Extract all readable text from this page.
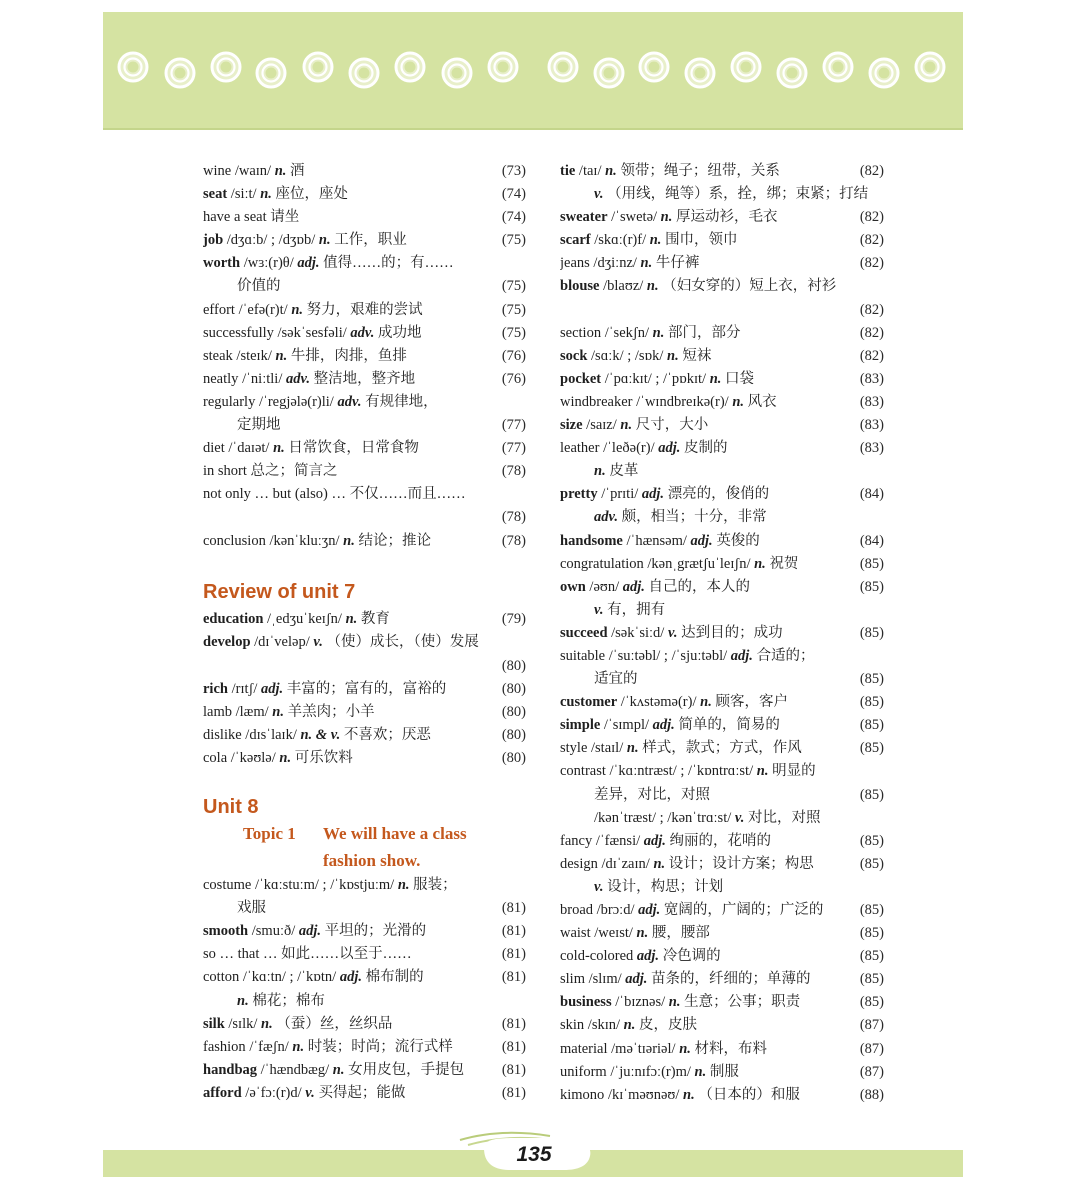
wine /waɪn/ n. 酒	(73)
seat /siːt/ n. 座位，座处	(74)
have a seat 请坐	(74)
job /dʒɑːb/ ; /dʒɒb/ n. 工作，职业	(75)
worth /wɜː(r)θ/ adj. 值得……的；有……
价值的	(75)
effort /ˈefə(r)t/ n. 努力，艰难的尝试	(75)
successfully /səkˈsesfəli/ adv. 成功地	(75)
steak /steɪk/ n. 牛排，肉排，鱼排	(76)
neatly /ˈniːtli/ adv. 整洁地，整齐地	(76)
regularly /ˈregjələ(r)li/ adv. 有规律地，
定期地	(77)
diet /ˈdaɪət/ n. 日常饮食，日常食物	(77)
in short 总之；简言之	(78)
not only … but (also) … 不仅……而且……
(78)
conclusion /kənˈkluːʒn/ n. 结论；推论	(78)
Review of unit 7
education /ˌedʒuˈkeɪʃn/ n. 教育	(79)
develop /dɪˈveləp/ v. （使）成长，（使）发展
(80)
rich /rɪtʃ/ adj. 丰富的；富有的，富裕的	(80)
lamb /læm/ n. 羊羔肉；小羊	(80)
dislike /dɪsˈlaɪk/ n. & v. 不喜欢；厌恶	(80)
cola /ˈkəʊlə/ n. 可乐饮料	(80)
Unit 8
Topic 1 We will have a class
fashion show.
costume /ˈkɑːstuːm/ ; /ˈkɒstjuːm/ n. 服装；
戏服	(81)
smooth /smuːð/ adj. 平坦的；光滑的	(81)
so … that … 如此……以至于……	(81)
cotton /ˈkɑːtn/ ; /ˈkɒtn/ adj. 棉布制的	(81)
n. 棉花；棉布
silk /sɪlk/ n. （蚕）丝，丝织品	(81)
fashion /ˈfæʃn/ n. 时装；时尚；流行式样	(81)
handbag /ˈhændbæg/ n. 女用皮包，手提包	(81)
afford /əˈfɔː(r)d/ v. 买得起；能做	(81)
tie /taɪ/ n. 领带；绳子；纽带，关系	(82)
v. （用线，绳等）系，拴，绑；束紧；打结
sweater /ˈswetə/ n. 厚运动衫，毛衣	(82)
scarf /skɑː(r)f/ n. 围巾，领巾	(82)
jeans /dʒiːnz/ n. 牛仔裤	(82)
blouse /blaʊz/ n. （妇女穿的）短上衣，衬衫
(82)
section /ˈsekʃn/ n. 部门，部分	(82)
sock /sɑːk/ ; /sɒk/ n. 短袜	(82)
pocket /ˈpɑːkɪt/ ; /ˈpɒkɪt/ n. 口袋	(83)
windbreaker /ˈwɪndbreɪkə(r)/ n. 风衣	(83)
size /saɪz/ n. 尺寸，大小	(83)
leather /ˈleðə(r)/ adj. 皮制的	(83)
n. 皮革
pretty /ˈprɪti/ adj. 漂亮的，俊俏的	(84)
adv. 颇，相当；十分，非常
handsome /ˈhænsəm/ adj. 英俊的	(84)
congratulation /kənˌgrætʃuˈleɪʃn/ n. 祝贺	(85)
own /əʊn/ adj. 自己的，本人的	(85)
v. 有，拥有
succeed /səkˈsiːd/ v. 达到目的；成功	(85)
suitable /ˈsuːtəbl/ ; /ˈsjuːtəbl/ adj. 合适的；
适宜的	(85)
customer /ˈkʌstəmə(r)/ n. 顾客，客户	(85)
simple /ˈsɪmpl/ adj. 简单的，简易的	(85)
style /staɪl/ n. 样式，款式；方式，作风	(85)
contrast /ˈkɑːntræst/ ; /ˈkɒntrɑːst/ n. 明显的
差异，对比，对照	(85)
/kənˈtræst/ ; /kənˈtrɑːst/ v. 对比，对照
fancy /ˈfænsi/ adj. 绚丽的，花哨的	(85)
design /dɪˈzaɪn/ n. 设计；设计方案；构思	(85)
v. 设计，构思；计划
broad /brɔːd/ adj. 宽阔的，广阔的；广泛的	(85)
waist /weɪst/ n. 腰，腰部	(85)
cold-colored adj. 冷色调的	(85)
slim /slɪm/ adj. 苗条的，纤细的；单薄的	(85)
business /ˈbɪznəs/ n. 生意；公事；职责	(85)
skin /skɪn/ n. 皮，皮肤	(87)
material /məˈtɪəriəl/ n. 材料，布料	(87)
uniform /ˈjuːnɪfɔː(r)m/ n. 制服	(87)
kimono /kɪˈməʊnəʊ/ n. （日本的）和服	(88)
135
